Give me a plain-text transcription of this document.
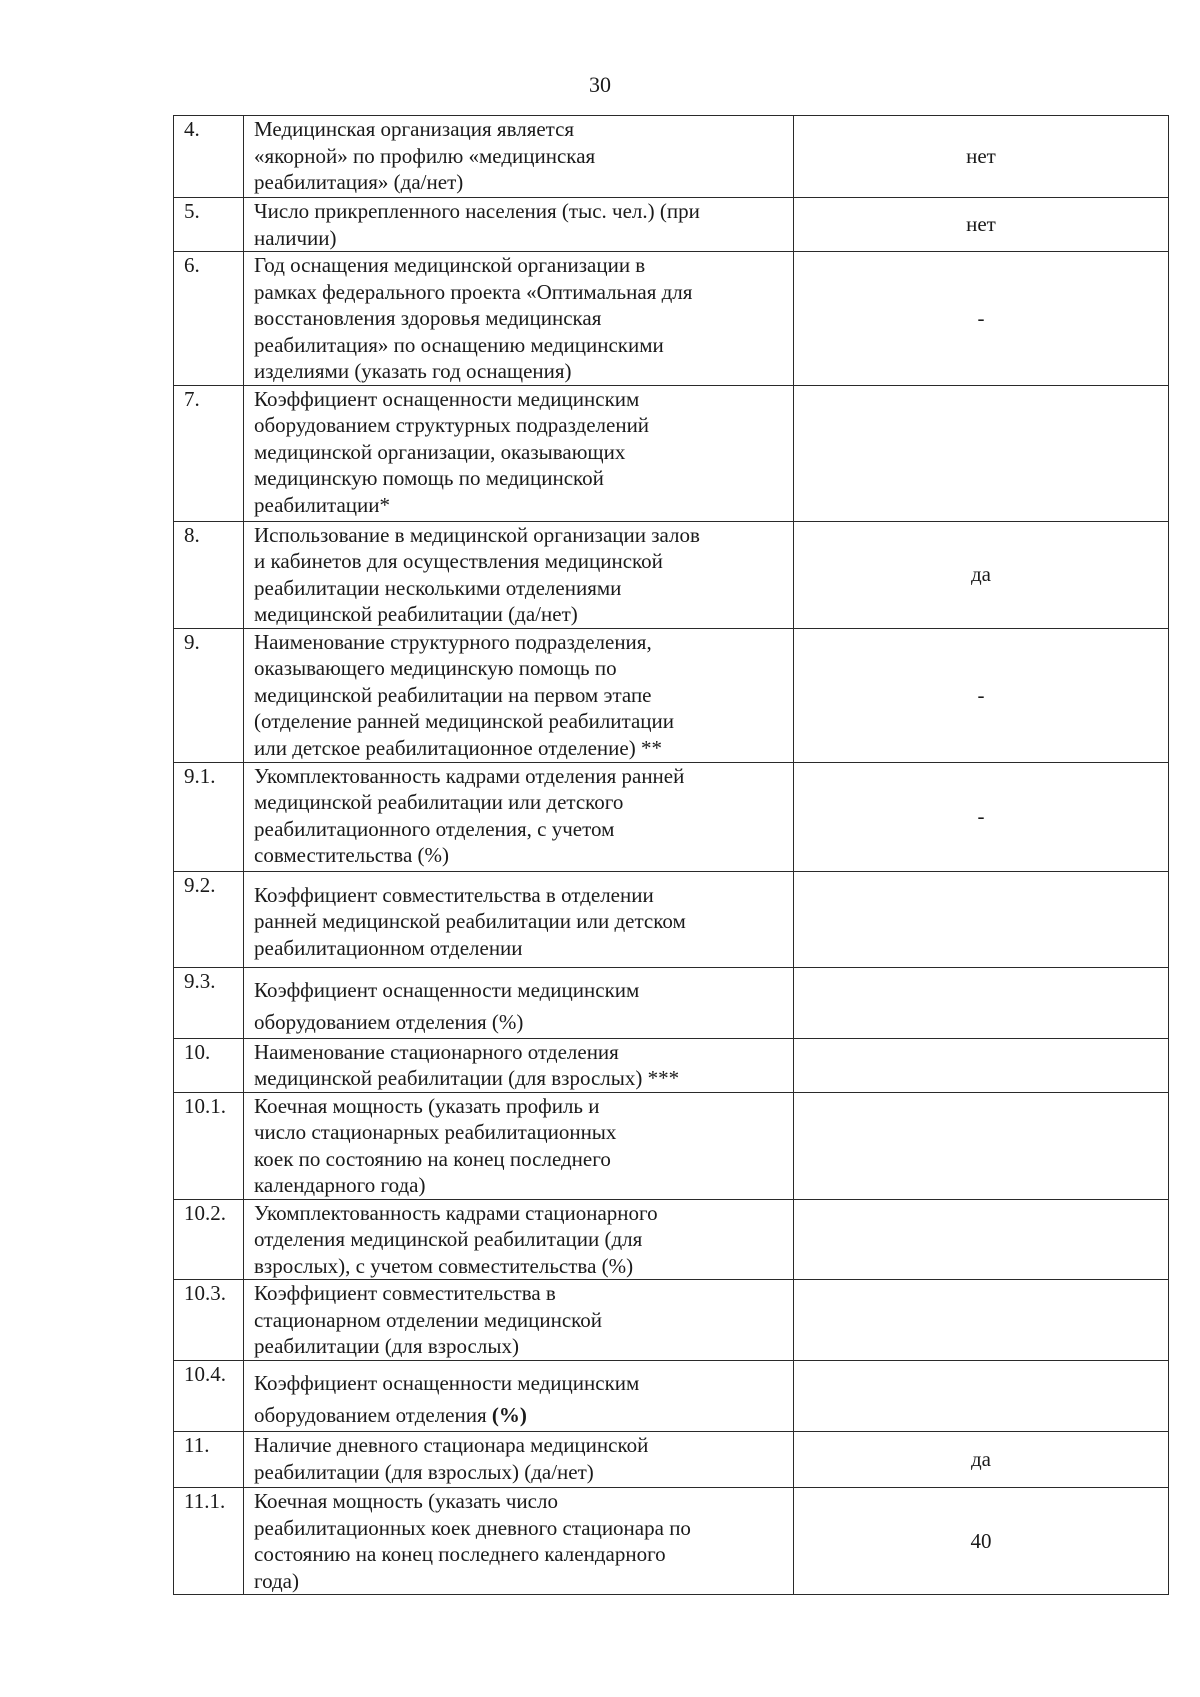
30
4.	Медицинская организация является
«якорной» по профилю «медицинская
реабилитация» (да/нет)	нет
5.	Число прикрепленного населения (тыс. чел.) (при
наличии)	нет
6.	Год оснащения медицинской организации в
рамках федерального проекта «Оптимальная для
восстановления здоровья медицинская
реабилитация» по оснащению медицинскими
изделиями (указать год оснащения)	-
7.	Коэффициент оснащенности медицинским
оборудованием структурных подразделений
медицинской организации, оказывающих
медицинскую помощь по медицинской
реабилитации*	

8.	Использование в медицинской организации залов
и кабинетов для осуществления медицинской
реабилитации несколькими отделениями
медицинской реабилитации (да/нет)	да
9.	Наименование структурного подразделения,
оказывающего медицинскую помощь по
медицинской реабилитации на первом этапе
(отделение ранней медицинской реабилитации
или детское реабилитационное отделение) **	-
9.1.	Укомплектованность кадрами отделения ранней
медицинской реабилитации или детского
реабилитационного отделения, с учетом
совместительства (%)	-
9.2.	Коэффициент совместительства в отделении
ранней медицинской реабилитации или детском
реабилитационном отделении	

9.3.	Коэффициент оснащенности медицинским
оборудованием отделения (%)	

10.	Наименование стационарного отделения
медицинской реабилитации (для взрослых) ***	

10.1.	Коечная мощность (указать профиль и
число стационарных реабилитационных
коек по состоянию на конец последнего
календарного года)	

10.2.	Укомплектованность кадрами стационарного
отделения медицинской реабилитации (для
взрослых), с учетом совместительства (%)	

10.3.	Коэффициент совместительства в
стационарном отделении медицинской
реабилитации (для взрослых)	

10.4.	Коэффициент оснащенности медицинским
оборудованием отделения (%)	

11.	Наличие дневного стационара медицинской
реабилитации (для взрослых) (да/нет)	да
11.1.	Коечная мощность (указать число
реабилитационных коек дневного стационара по
состоянию на конец последнего календарного
года)	40
